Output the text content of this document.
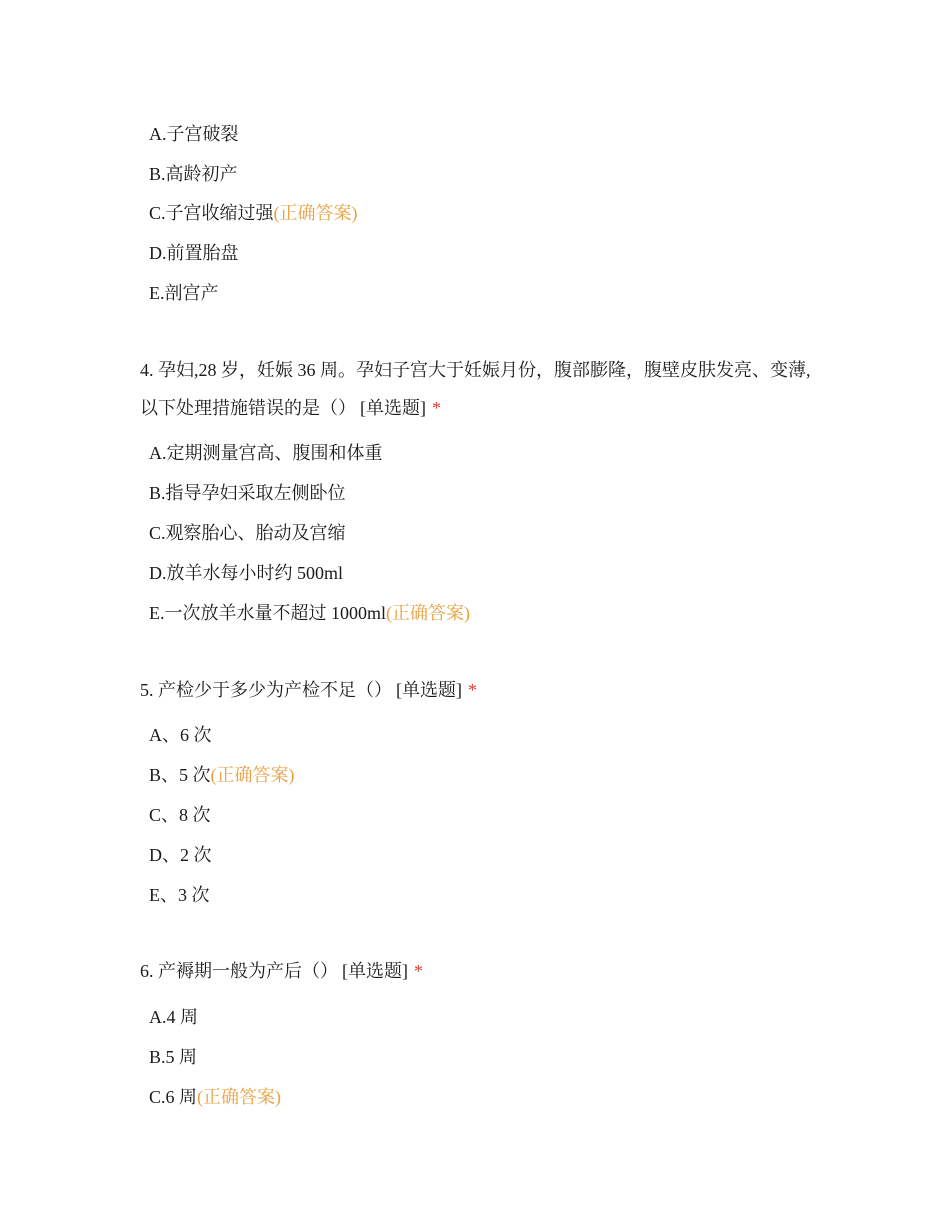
A.子宫破裂
B.高龄初产
C.子宫收缩过强(正确答案)
D.前置胎盘
E.剖宫产
4. 孕妇,28 岁，妊娠 36 周。孕妇子宫大于妊娠月份，腹部膨隆，腹壁皮肤发亮、变薄,以下处理措施错误的是（） [单选题] *
A.定期测量宫高、腹围和体重
B.指导孕妇采取左侧卧位
C.观察胎心、胎动及宫缩
D.放羊水每小时约 500ml
E.一次放羊水量不超过 1000ml(正确答案)
5. 产检少于多少为产检不足（） [单选题] *
A、6 次
B、5 次(正确答案)
C、8 次
D、2 次
E、3 次
6. 产褥期一般为产后（） [单选题] *
A.4 周
B.5 周
C.6 周(正确答案)
